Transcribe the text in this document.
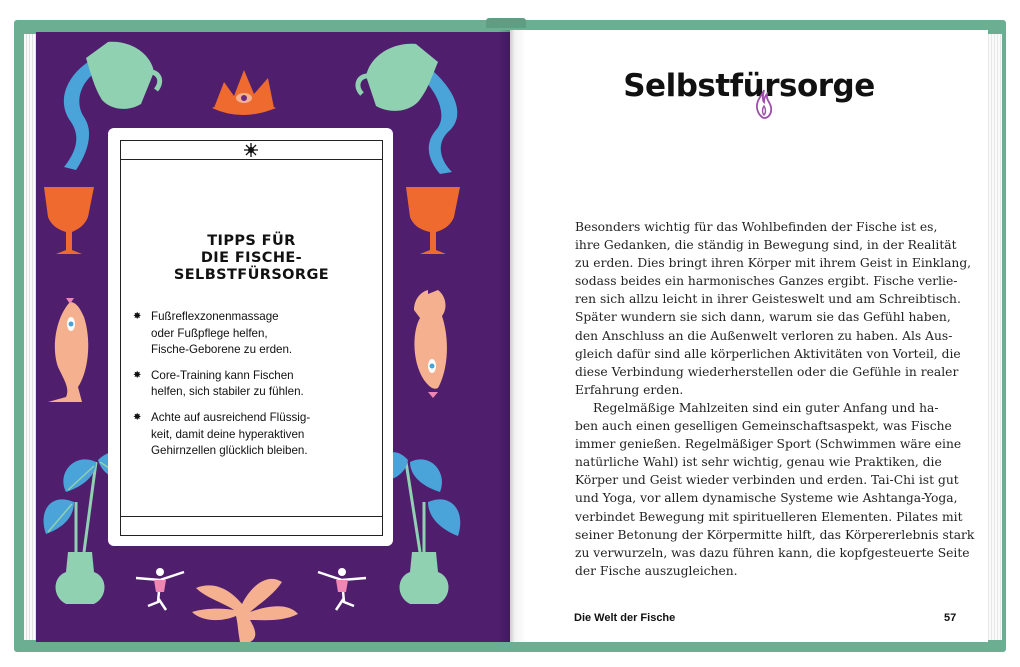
TIPPS FÜR
DIE FISCHE-
SELBSTFÜRSORGE
✸ Fußreflexzonenmassage
oder Fußpflege helfen,
Fische-Geborene zu erden.
✸ Core-Training kann Fischen
helfen, sich stabiler zu fühlen.
✸ Achte auf ausreichend Flüssig-
keit, damit deine hyperaktiven
Gehirnzellen glücklich bleiben.
Selbstfürsorge
Besonders wichtig für das Wohlbefinden der Fische ist es,
ihre Gedanken, die ständig in Bewegung sind, in der Realität
zu erden. Dies bringt ihren Körper mit ihrem Geist in Einklang,
sodass beides ein harmonisches Ganzes ergibt. Fische verlie-
ren sich allzu leicht in ihrer Geisteswelt und am Schreibtisch.
Später wundern sie sich dann, warum sie das Gefühl haben,
den Anschluss an die Außenwelt verloren zu haben. Als Aus-
gleich dafür sind alle körperlichen Aktivitäten von Vorteil, die
diese Verbindung wiederherstellen oder die Gefühle in realer
Erfahrung erden.
Regelmäßige Mahlzeiten sind ein guter Anfang und ha-
ben auch einen geselligen Gemeinschaftsaspekt, was Fische
immer genießen. Regelmäßiger Sport (Schwimmen wäre eine
natürliche Wahl) ist sehr wichtig, genau wie Praktiken, die
Körper und Geist wieder verbinden und erden. Tai-Chi ist gut
und Yoga, vor allem dynamische Systeme wie Ashtanga-Yoga,
verbindet Bewegung mit spirituelleren Elementen. Pilates mit
seiner Betonung der Körpermitte hilft, das Körpererlebnis stark
zu verwurzeln, was dazu führen kann, die kopfgesteuerte Seite
der Fische auszugleichen.
Die Welt der Fische	57
